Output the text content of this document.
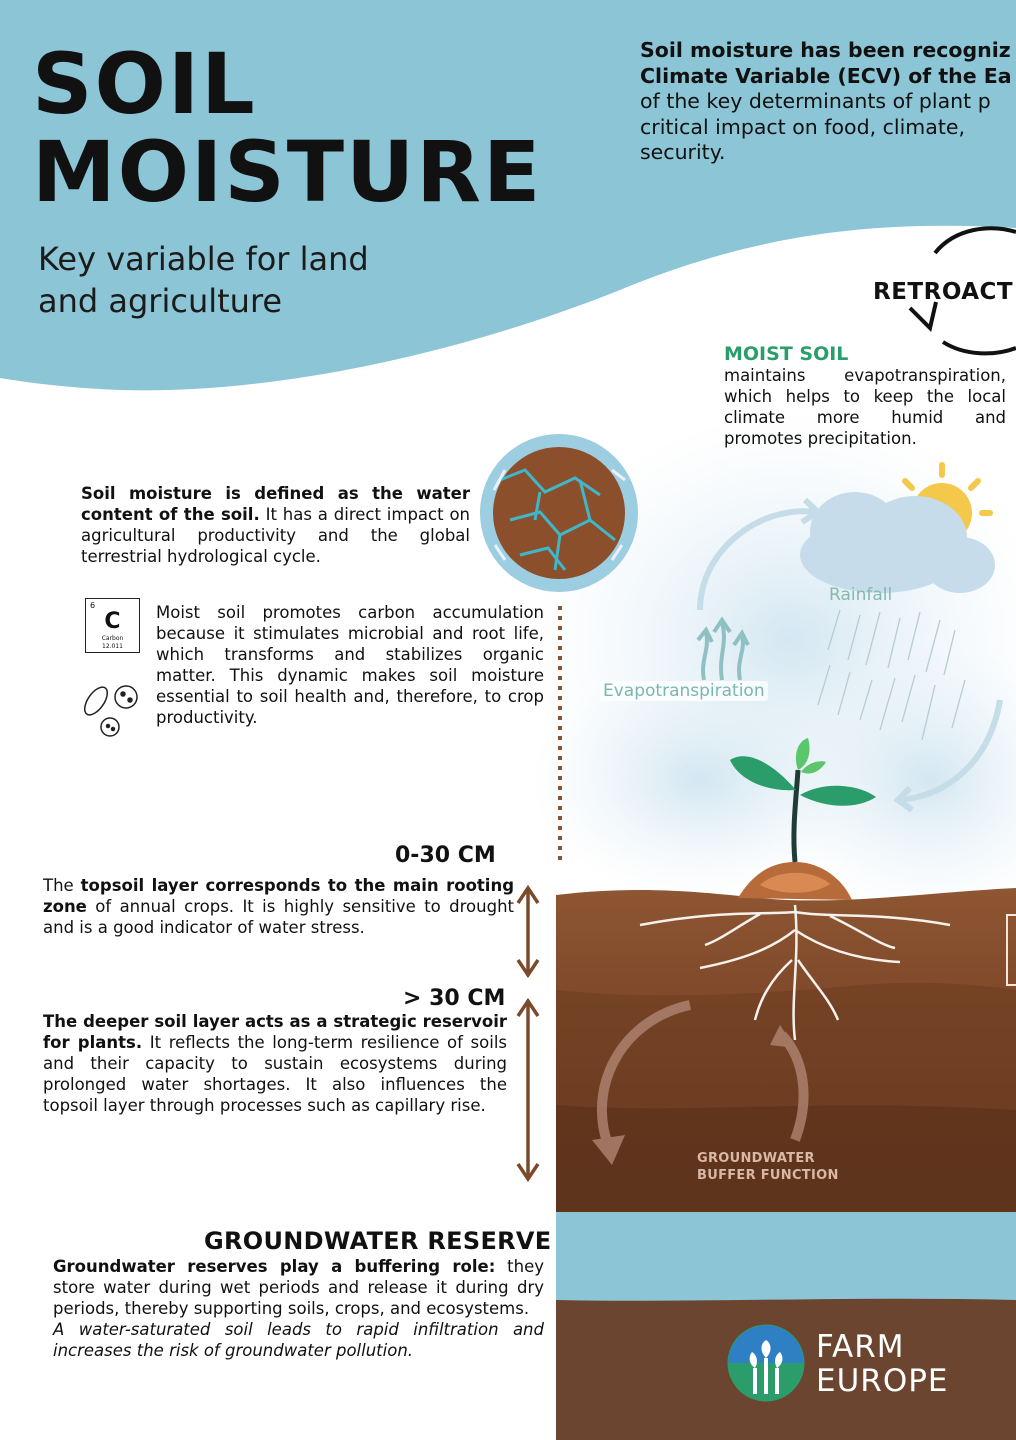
SOIL
MOISTURE
Key variable for land
and agriculture
Soil moisture has been recogniz
Climate Variable (ECV) of the Ea
of the key determinants of plant p
critical impact on food, climate,
security.
RETROACT
MOIST SOIL
maintains evapotranspiration, which helps to keep the local climate more humid and promotes precipitation.
Soil moisture is defined as the water content of the soil. It has a direct impact on agricultural productivity and the global terrestrial hydrological cycle.
6
C
Carbon
12.011
Moist soil promotes carbon accumulation because it stimulates microbial and root life, which transforms and stabilizes organic matter. This dynamic makes soil moisture essential to soil health and, therefore, to crop productivity.
0-30 CM
The topsoil layer corresponds to the main rooting zone of annual crops. It is highly sensitive to drought and is a good indicator of water stress.
> 30 CM
The deeper soil layer acts as a strategic reservoir for plants. It reflects the long-term resilience of soils and their capacity to sustain ecosystems during prolonged water shortages. It also influences the topsoil layer through processes such as capillary rise.
GROUNDWATER RESERVE
Groundwater reserves play a buffering role: they store water during wet periods and release it during dry periods, thereby supporting soils, crops, and ecosystems.
A water-saturated soil leads to rapid infiltration and increases the risk of groundwater pollution.
Rainfall
Evapotranspiration
GROUNDWATER
BUFFER FUNCTION
FARM
EUROPE
